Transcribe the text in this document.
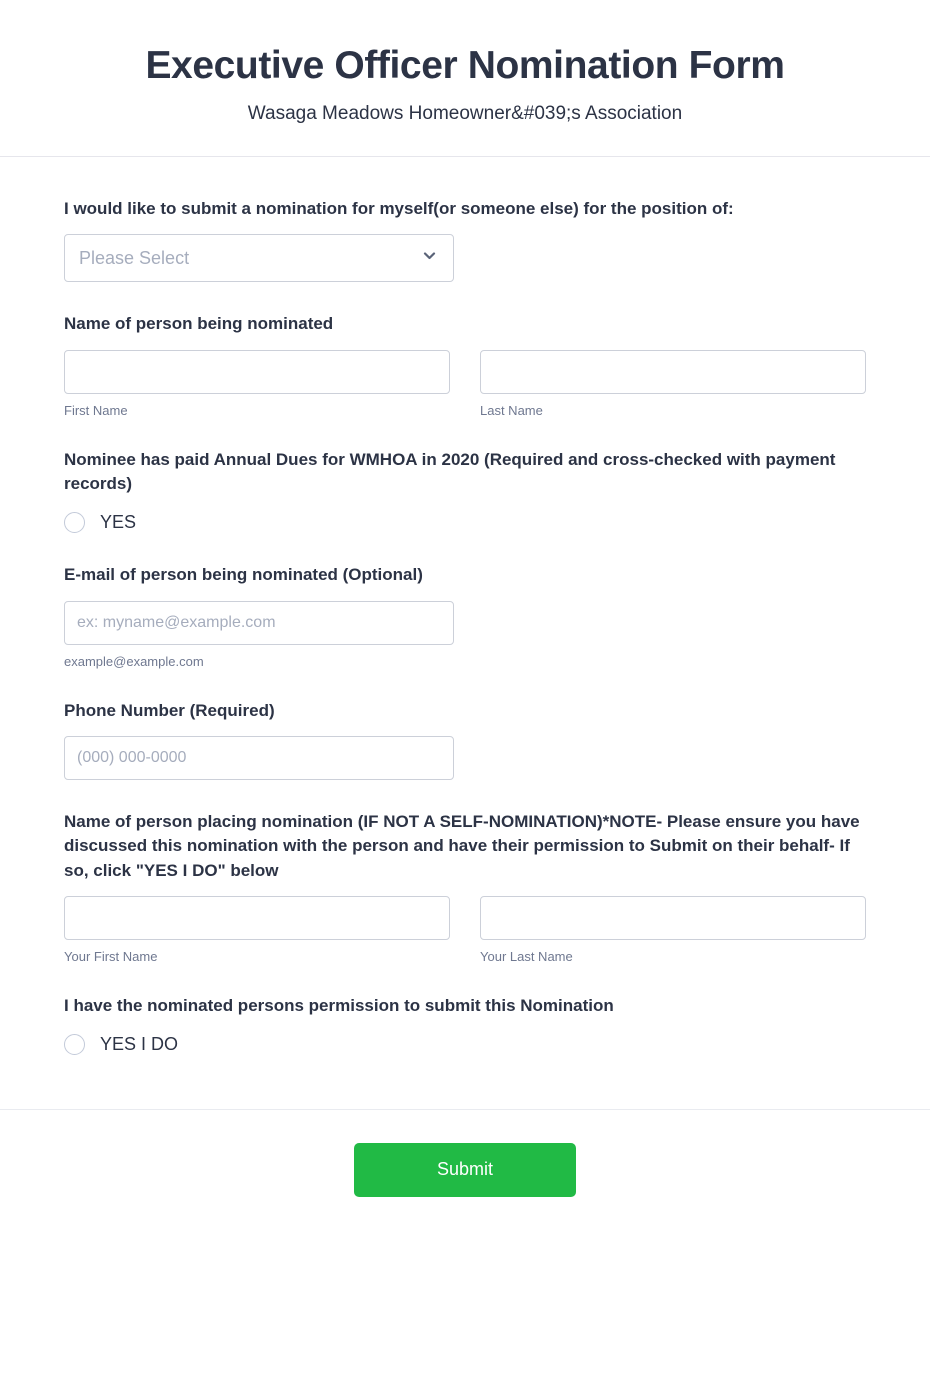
Executive Officer Nomination Form
Wasaga Meadows Homeowner&#039;s Association
I would like to submit a nomination for myself(or someone else) for the position of:
Please Select
Name of person being nominated
First Name	Last Name
Nominee has paid Annual Dues for WMHOA in 2020 (Required and cross-checked with payment records)
YES
E-mail of person being nominated (Optional)
ex: myname@example.com
example@example.com
Phone Number (Required)
(000) 000-0000
Name of person placing nomination (IF NOT A SELF-NOMINATION)*NOTE- Please ensure you have discussed this nomination with the person and have their permission to Submit on their behalf- If so, click "YES I DO" below
Your First Name	Your Last Name
I have the nominated persons permission to submit this Nomination
YES I DO
Submit
